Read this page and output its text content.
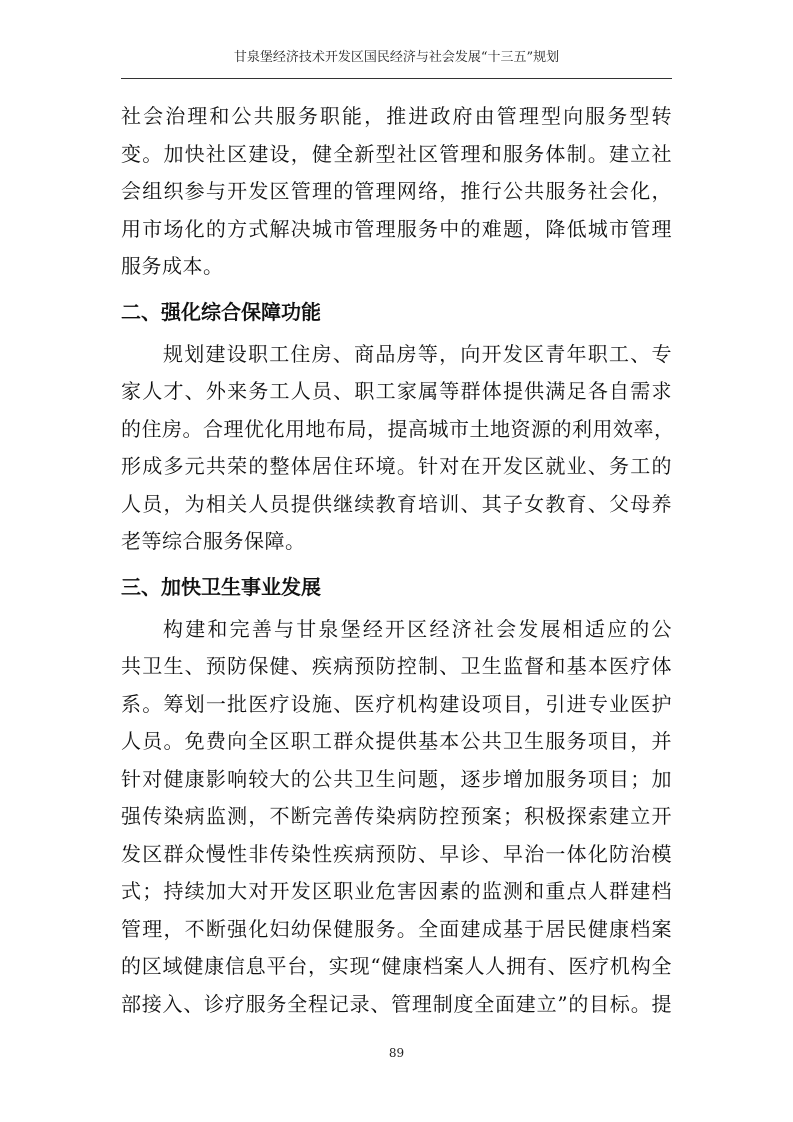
甘泉堡经济技术开发区国民经济与社会发展“十三五”规划
社会治理和公共服务职能，推进政府由管理型向服务型转
变。加快社区建设，健全新型社区管理和服务体制。建立社
会组织参与开发区管理的管理网络，推行公共服务社会化，
用市场化的方式解决城市管理服务中的难题，降低城市管理
服务成本。
二、强化综合保障功能
规划建设职工住房、商品房等，向开发区青年职工、专
家人才、外来务工人员、职工家属等群体提供满足各自需求
的住房。合理优化用地布局，提高城市土地资源的利用效率，
形成多元共荣的整体居住环境。针对在开发区就业、务工的
人员，为相关人员提供继续教育培训、其子女教育、父母养
老等综合服务保障。
三、加快卫生事业发展
构建和完善与甘泉堡经开区经济社会发展相适应的公
共卫生、预防保健、疾病预防控制、卫生监督和基本医疗体
系。筹划一批医疗设施、医疗机构建设项目，引进专业医护
人员。免费向全区职工群众提供基本公共卫生服务项目，并
针对健康影响较大的公共卫生问题，逐步增加服务项目；加
强传染病监测，不断完善传染病防控预案；积极探索建立开
发区群众慢性非传染性疾病预防、早诊、早治一体化防治模
式；持续加大对开发区职业危害因素的监测和重点人群建档
管理，不断强化妇幼保健服务。全面建成基于居民健康档案
的区域健康信息平台，实现“健康档案人人拥有、医疗机构全
部接入、诊疗服务全程记录、管理制度全面建立”的目标。提
89
